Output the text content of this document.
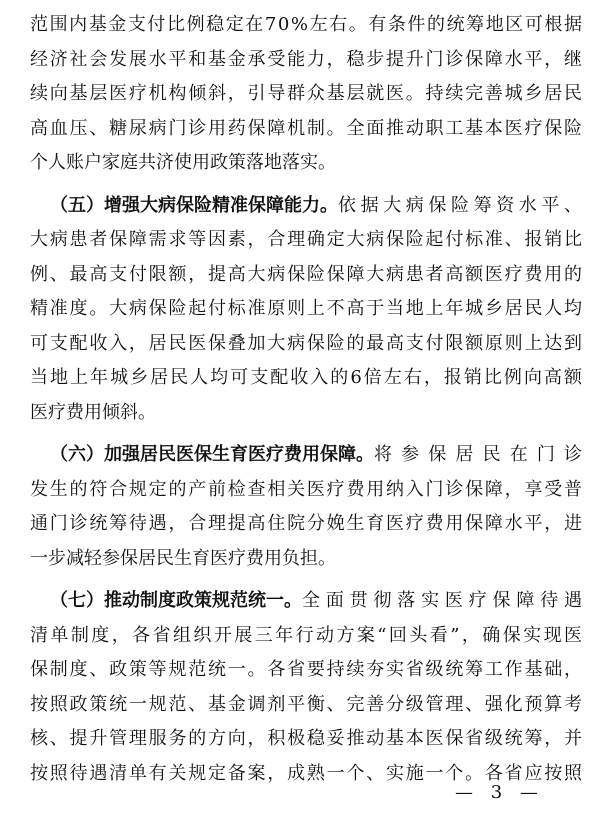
范围内基金支付比例稳定在70%左右。有条件的统筹地区可根据
经济社会发展水平和基金承受能力，稳步提升门诊保障水平，继
续向基层医疗机构倾斜，引导群众基层就医。持续完善城乡居民
高血压、糖尿病门诊用药保障机制。全面推动职工基本医疗保险
个人账户家庭共济使用政策落地落实。
（五）增强大病保险精准保障能力。 依据大病保险筹资水平、
大病患者保障需求等因素，合理确定大病保险起付标准、报销比
例、最高支付限额，提高大病保险保障大病患者高额医疗费用的
精准度。大病保险起付标准原则上不高于当地上年城乡居民人均
可支配收入，居民医保叠加大病保险的最高支付限额原则上达到
当地上年城乡居民人均可支配收入的6倍左右，报销比例向高额
医疗费用倾斜。
（六）加强居民医保生育医疗费用保障。 将参保居民在门诊
发生的符合规定的产前检查相关医疗费用纳入门诊保障，享受普
通门诊统筹待遇，合理提高住院分娩生育医疗费用保障水平，进
一步减轻参保居民生育医疗费用负担。
（七）推动制度政策规范统一。 全面贯彻落实医疗保障待遇
清单制度，各省组织开展三年行动方案“回头看”，确保实现医
保制度、政策等规范统一。各省要持续夯实省级统筹工作基础，
按照政策统一规范、基金调剂平衡、完善分级管理、强化预算考
核、提升管理服务的方向，积极稳妥推动基本医保省级统筹，并
按照待遇清单有关规定备案，成熟一个、实施一个。各省应按照
— 3 —
